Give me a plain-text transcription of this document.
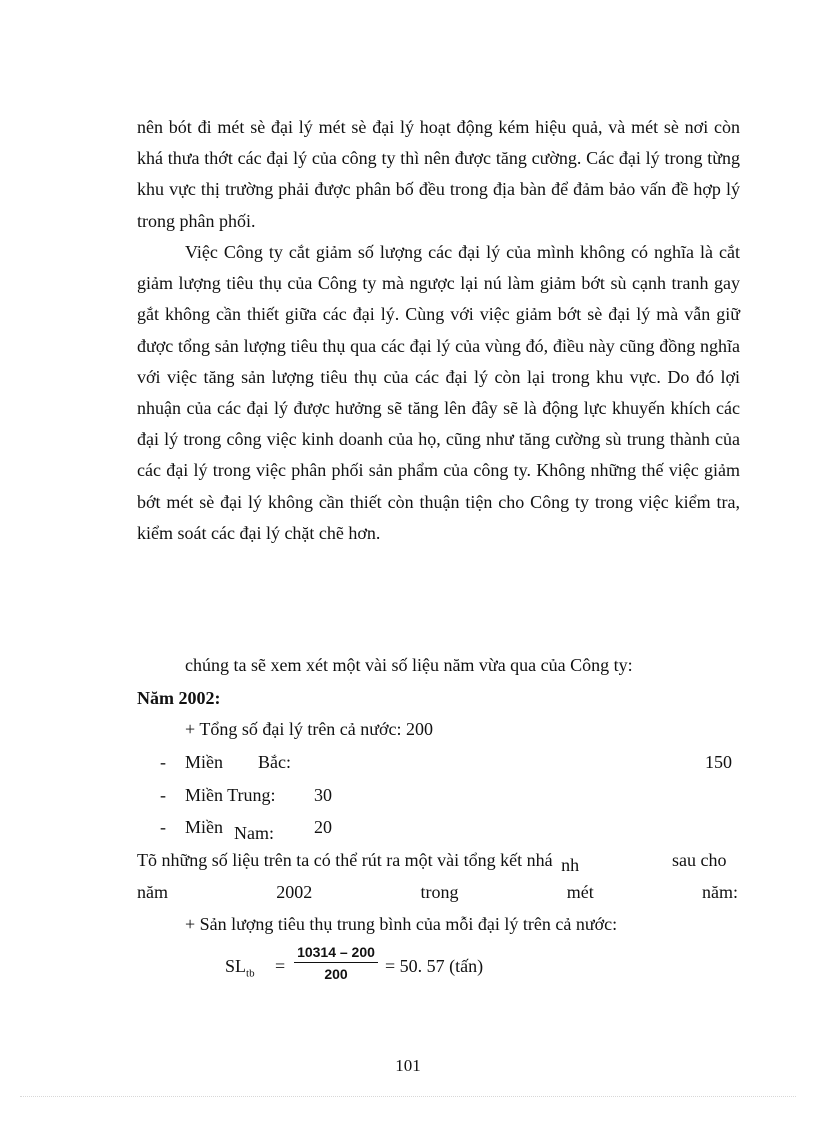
nên bót đi mét sè đại lý mét sè đại lý hoạt động kém hiệu quả, và mét sè nơi còn khá thưa thớt các đại lý của công ty thì nên được tăng cường. Các đại lý trong từng khu vực thị trường phải được phân bố đều trong địa bàn để đảm bảo vấn đề hợp lý trong phân phối.

Việc Công ty cắt giảm số lượng các đại lý của mình không có nghĩa là cắt giảm lượng tiêu thụ của Công ty mà ngược lại nú làm giảm bớt sù cạnh tranh gay gắt không cần thiết giữa các đại lý. Cùng với việc giảm bớt sè đại lý mà vẫn giữ được tổng sản lượng tiêu thụ qua các đại lý của vùng đó, điều này cũng đồng nghĩa với việc tăng sản lượng tiêu thụ của các đại lý còn lại trong khu vực. Do đó lợi nhuận của các đại lý được hưởng sẽ tăng lên đây sẽ là động lực khuyến khích các đại lý trong công việc kinh doanh của họ, cũng như tăng cường sù trung thành của các đại lý trong việc phân phối sản phẩm của công ty. Không những thế việc giảm bớt mét sè đại lý không cần thiết còn thuận tiện cho Công ty trong việc kiểm tra, kiểm soát các đại lý chặt chẽ hơn.

chúng ta sẽ xem xét một vài số liệu năm vừa qua của Công ty:
Năm 2002:
+ Tổng số đại lý trên cả nước: 200
- Miền Bắc:	150
- Miền Trung: 30
- Miền Nam: 20
Tõ những số liệu trên ta có thể rút ra một vài tổng kết nhá nh	sau cho
năm	2002	trong	mét	năm:
+ Sản lượng tiêu thụ trung bình của mỗi đại lý trên cả nước:
$SL_{tb} = \frac{10314 - 200}{200} = 50$. 57 (tấn)
101
